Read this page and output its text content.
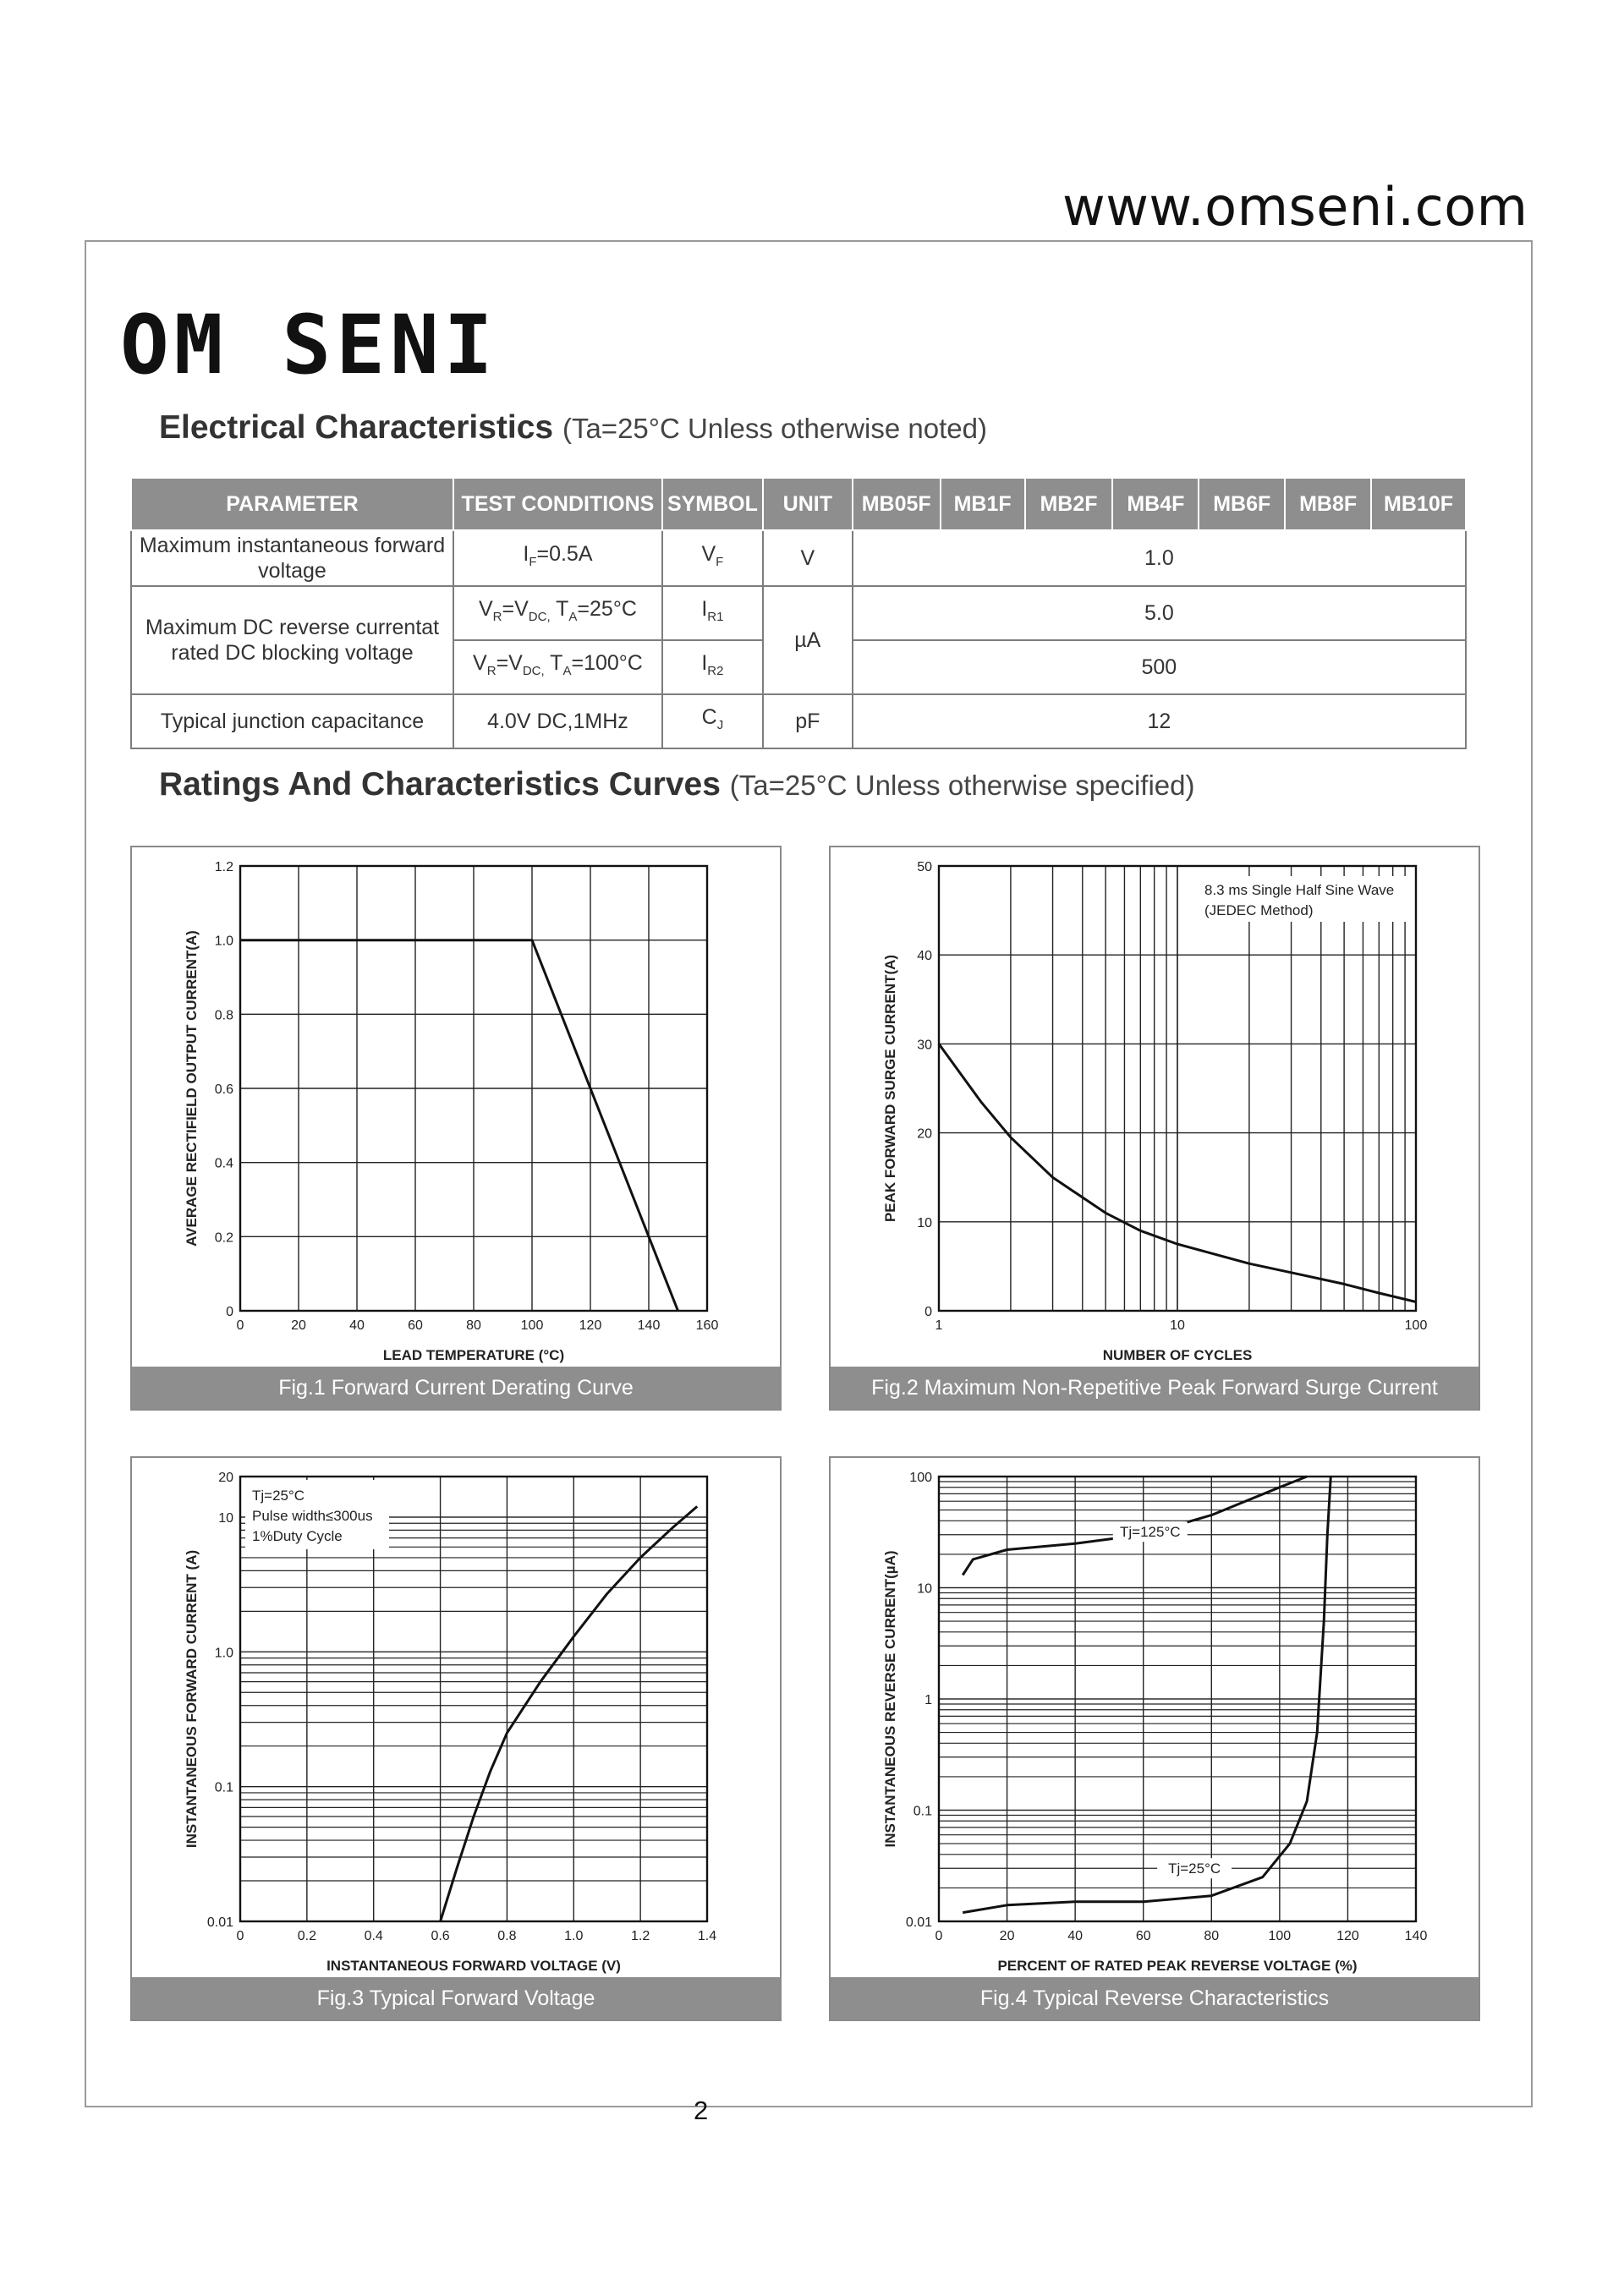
www.omseni.com
OM SENI
Electrical Characteristics (Ta=25°C Unless otherwise noted)
PARAMETER	TEST CONDITIONS	SYMBOL	UNIT	MB05F	MB1F	MB2F	MB4F	MB6F	MB8F	MB10F
Maximum instantaneous forward voltage	$I_F=0.5A$	$V_F$	V	1.0						
Maximum DC reverse currentat rated DC blocking voltage	$V_R=V_{DC,}$ $T_A=25^\circ C$	$I_{R1}$	µA	5.0						
	$V_R=V_{DC,}$ $T_A=100^\circ C$	$I_{R2}$		500						
Typical junction capacitance	4.0V DC,1MHz	$C_J$	pF	12						
Ratings And Characteristics Curves (Ta=25°C Unless otherwise specified)
0	20	40	60	80	100	120	140	160
0
0.2
0.4
0.6
0.8
1.0
1.2
LEAD TEMPERATURE (°C)
AVERAGE RECTIFIELD OUTPUT CURRENT(A)
Fig.1 Forward Current Derating Curve
1	10	100
0
10
20
30
40
50
NUMBER OF CYCLES
PEAK FORWARD SURGE CURRENT(A)
8.3 ms Single Half Sine Wave
(JEDEC Method)
Fig.2 Maximum Non-Repetitive Peak Forward Surge Current
0	0.2	0.4	0.6	0.8	1.0	1.2	1.4
0.01
0.1
1.0
10
20
INSTANTANEOUS FORWARD VOLTAGE (V)
INSTANTANEOUS FORWARD CURRENT (A)
Tj=25°C
Pulse width≤300us
1%Duty Cycle
Fig.3 Typical Forward Voltage
0	20	40	60	80	100	120	140
0.01
0.1
1
10
100
PERCENT OF RATED PEAK REVERSE VOLTAGE (%)
INSTANTANEOUS REVERSE CURRENT(µA)
Tj=125°C
Tj=25°C
Fig.4 Typical Reverse Characteristics
2
